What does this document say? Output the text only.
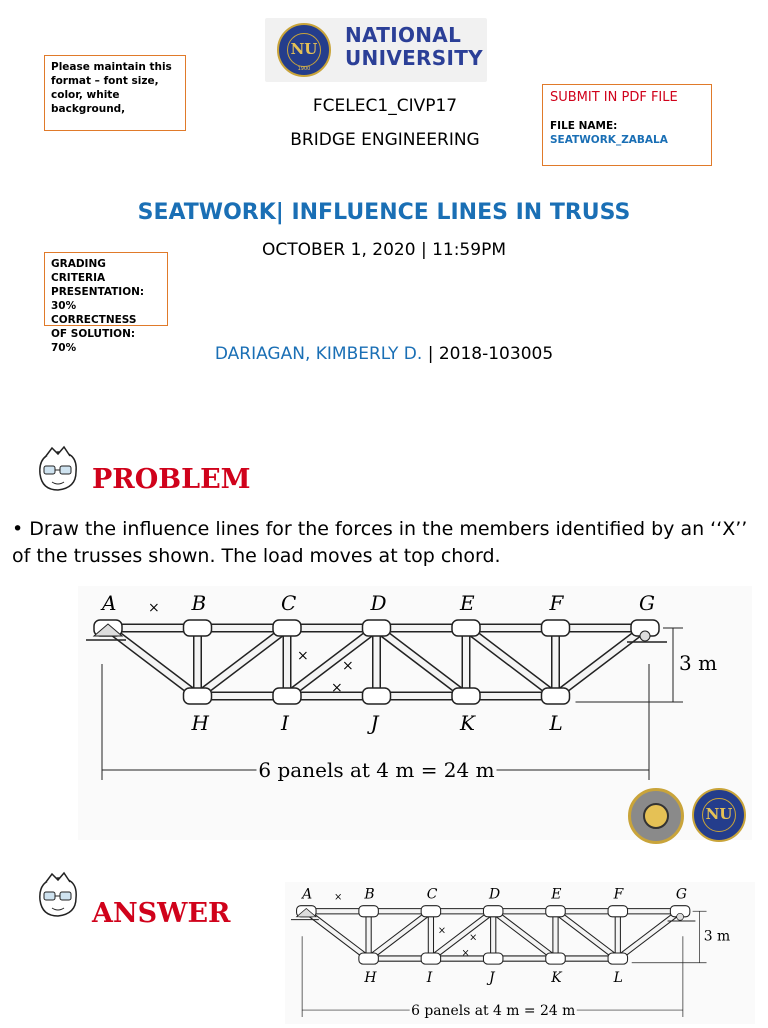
NU
1900
NATIONAL
UNIVERSITY
Please maintain this format – font size, color, white background,	FCELEC1_CIVP17
BRIDGE ENGINEERING
SUBMIT IN PDF FILE
FILE NAME:
SEATWORK_ZABALA
SEATWORK| INFLUENCE LINES IN TRUSS
OCTOBER 1, 2020 | 11:59PM
GRADING CRITERIA
PRESENTATION:
30% CORRECTNESS
OF SOLUTION: 70%	DARIAGAN, KIMBERLY D. | 2018-103005
PROBLEM
• Draw the influence lines for the forces in the members identified by an ‘‘X’’ of the trusses shown. The load moves at top chord.
A	B	C	D	E	F	G
H	I	J	K	L
×
×
×
×
3 m
6 panels at 4 m = 24 m
NU
ANSWER
A	B	C	D	E	F	G
H	I	J	K	L
×
×
×
×
3 m
6 panels at 4 m = 24 m
